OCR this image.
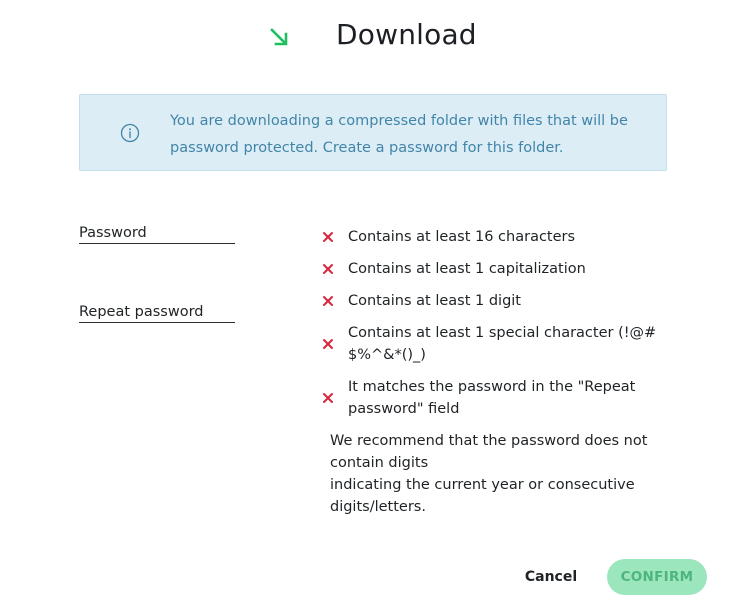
Download
You are downloading a compressed folder with files that will be password protected. Create a password for this folder.
Password
Repeat password
Contains at least 16 characters
Contains at least 1 capitalization
Contains at least 1 digit
Contains at least 1 special character (!@#$%^&*()_)
It matches the password in the "Repeat password" field
We recommend that the password does not contain digits
indicating the current year or consecutive digits/letters.
Cancel	CONFIRM
